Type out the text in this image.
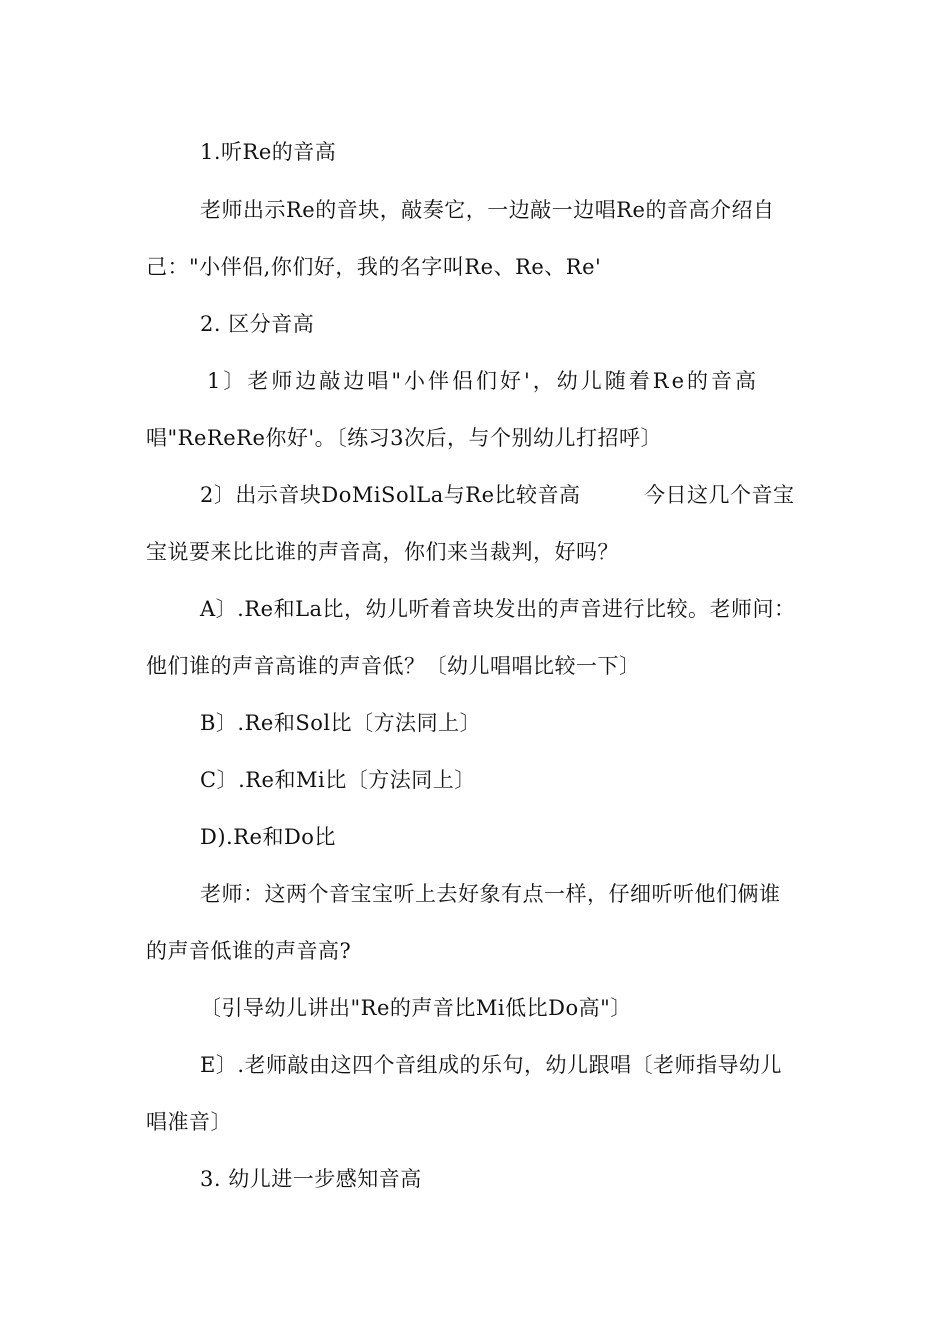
1.听Re的音高
老师出示Re的音块，敲奏它，一边敲一边唱Re的音高介绍自
己："小伴侣,你们好，我的名字叫Re、Re、Re'
2. 区分音高
1〕老师边敲边唱"小伴侣们好'，幼儿随着Re的音高
唱"ReReRe你好'。〔练习3次后，与个别幼儿打招呼〕
2〕出示音块DoMiSolLa与Re比较音高	今日这几个音宝
宝说要来比比谁的声音高，你们来当裁判，好吗？
A〕.Re和La比，幼儿听着音块发出的声音进行比较。老师问：
他们谁的声音高谁的声音低？〔幼儿唱唱比较一下〕
B〕.Re和Sol比〔方法同上〕
C〕.Re和Mi比〔方法同上〕
D).Re和Do比
老师：这两个音宝宝听上去好象有点一样，仔细听听他们俩谁
的声音低谁的声音高?
〔引导幼儿讲出"Re的声音比Mi低比Do高"〕
E〕.老师敲由这四个音组成的乐句，幼儿跟唱〔老师指导幼儿
唱准音〕
3. 幼儿进一步感知音高
